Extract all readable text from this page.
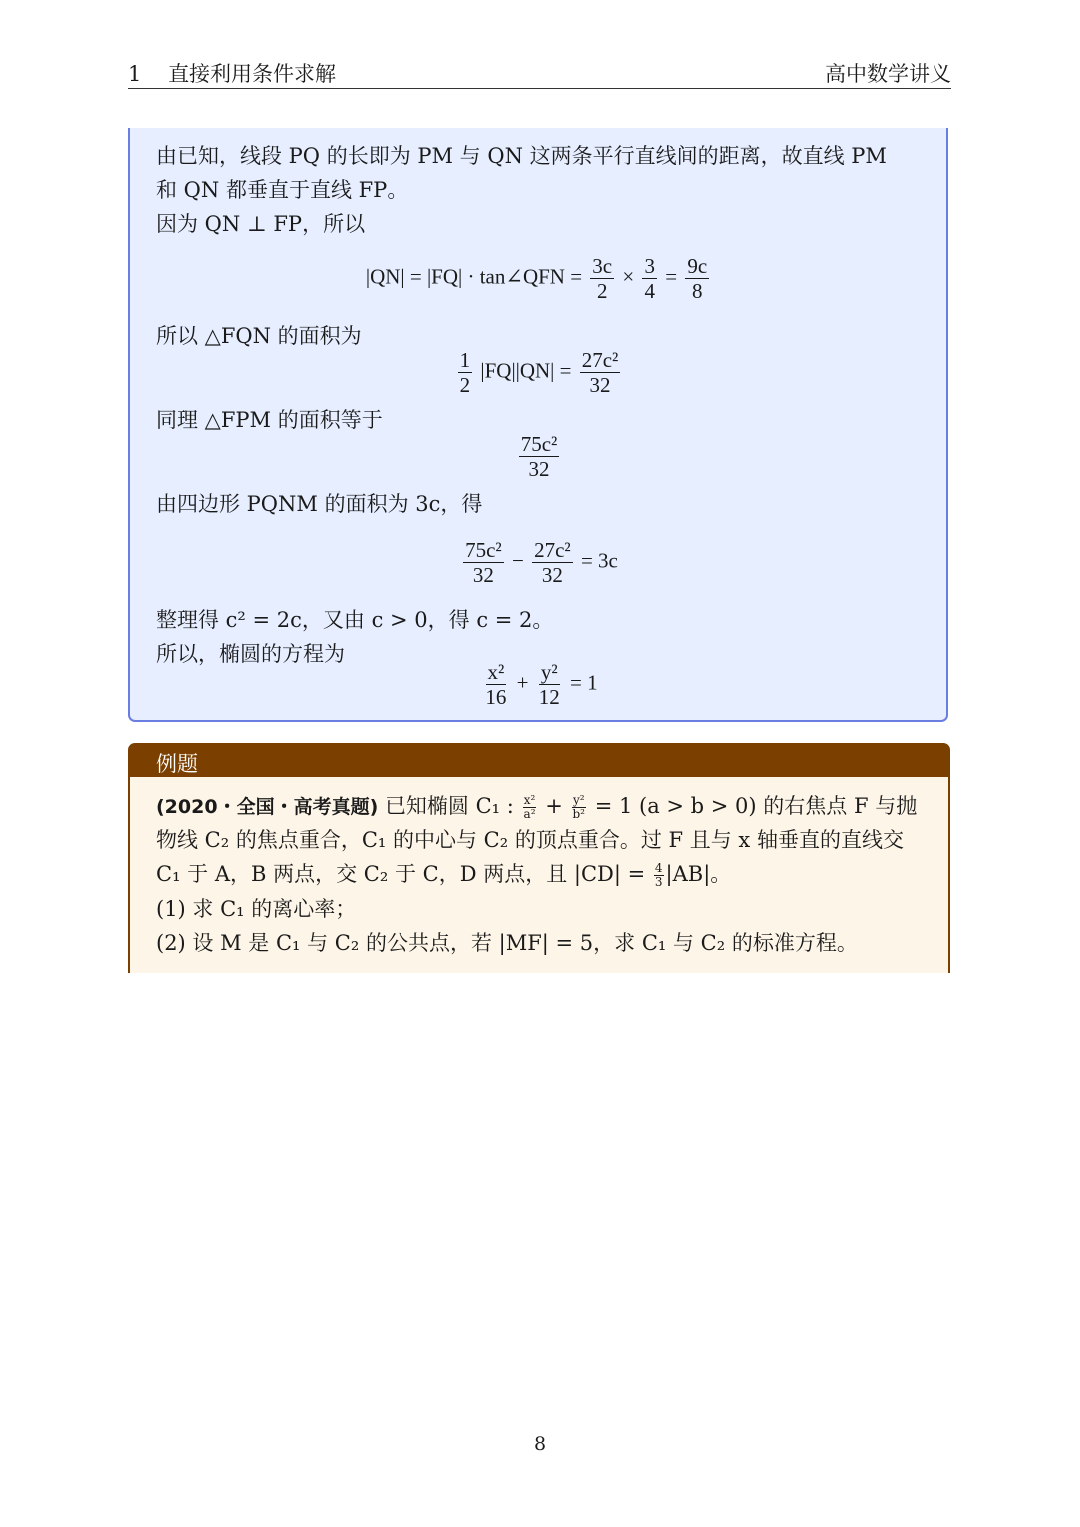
1 直接利用条件求解	高中数学讲义
由已知，线段 PQ 的长即为 PM 与 QN 这两条平行直线间的距离，故直线 PM
和 QN 都垂直于直线 FP。
因为 QN ⊥ FP，所以
|QN| = |FQ| · tan∠QFN = $\frac{3c}{2} \times \frac{3}{4} = \frac{9c}{8}$
所以 △FQN 的面积为
$\frac{1}{2} |FQ||QN| = \frac{\text{27c²}}{32}$
同理 △FPM 的面积等于
$\frac{\text{75c²}}{32}$
由四边形 PQNM 的面积为 3c，得
$\frac{\text{75c²}}{32} - \frac{\text{27c²}}{32} = 3c$
整理得 c² = 2c，又由 c > 0，得 c = 2。
所以，椭圆的方程为
$\frac{\text{x²}}{16} + \frac{\text{y²}}{12} = 1$
例题
(2020・全国・高考真题) 已知椭圆 C₁ : $\frac{\text{x²}}{\text{a²}} + \frac{\text{y²}}{\text{b²}} = 1$ (a > b > 0) 的右焦点 F 与抛
物线 C₂ 的焦点重合，C₁ 的中心与 C₂ 的顶点重合。过 F 且与 x 轴垂直的直线交
C₁ 于 A，B 两点，交 C₂ 于 C，D 两点，且 $|CD| = \frac{4}{3} |AB|$。
(1) 求 C₁ 的离心率；
(2) 设 M 是 C₁ 与 C₂ 的公共点，若 |MF| = 5，求 C₁ 与 C₂ 的标准方程。
8
